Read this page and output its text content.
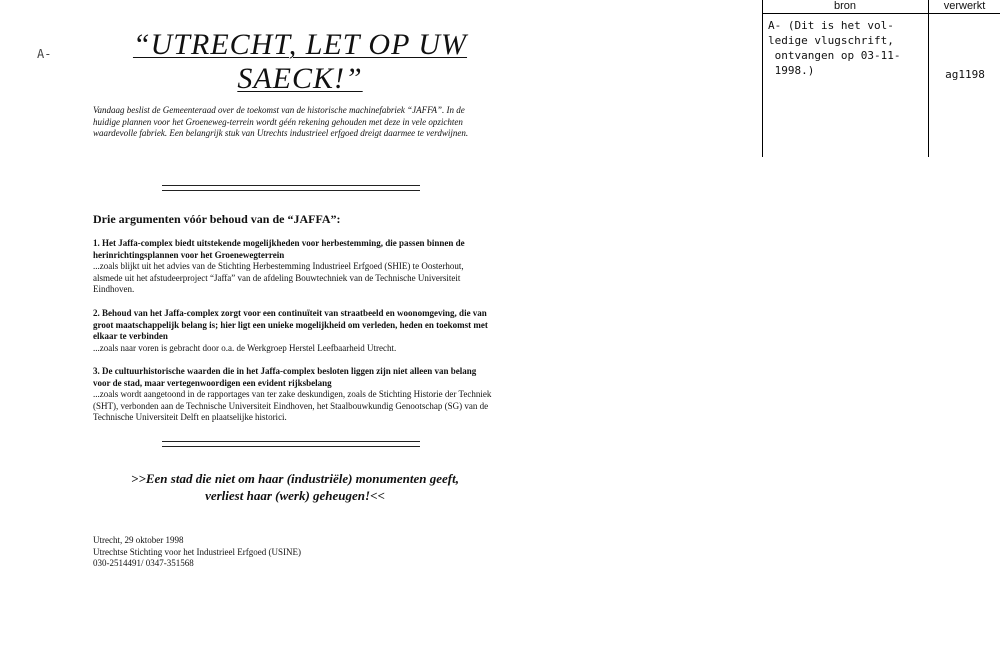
A-	“UTRECHT, LET OP UW SAECK!”

Vandaag beslist de Gemeenteraad over de toekomst van de historische machinefabriek “JAFFA”. In de huidige plannen voor het Groeneweg-terrein wordt géén rekening gehouden met deze in vele opzichten waardevolle fabriek. Een belangrijk stuk van Utrechts industrieel erfgoed dreigt daarmee te verdwijnen.

Drie argumenten vóór behoud van de “JAFFA”:

1. Het Jaffa-complex biedt uitstekende mogelijkheden voor herbestemming, die passen binnen de herinrichtingsplannen voor het Groenewegterrein
...zoals blijkt uit het advies van de Stichting Herbestemming Industrieel Erfgoed (SHIE) te Oosterhout, alsmede uit het afstudeerproject “Jaffa” van de afdeling Bouwtechniek van de Technische Universiteit Eindhoven.
2. Behoud van het Jaffa-complex zorgt voor een continuïteit van straatbeeld en woonomgeving, die van groot maatschappelijk belang is; hier ligt een unieke mogelijkheid om verleden, heden en toekomst met elkaar te verbinden
...zoals naar voren is gebracht door o.a. de Werkgroep Herstel Leefbaarheid Utrecht.
3. De cultuurhistorische waarden die in het Jaffa-complex besloten liggen zijn niet alleen van belang voor de stad, maar vertegenwoordigen een evident rijksbelang
...zoals wordt aangetoond in de rapportages van ter zake deskundigen, zoals de Stichting Historie der Techniek (SHT), verbonden aan de Technische Universiteit Eindhoven, het Staalbouwkundig Genootschap (SG) van de Technische Universiteit Delft en plaatselijke historici.
>>Een stad die niet om haar (industriële) monumenten geeft,
verliest haar (werk) geheugen!<<
Utrecht, 29 oktober 1998
Utrechtse Stichting voor het Industrieel Erfgoed (USINE)
030-2514491/ 0347-351568
bron	verwerkt

A- (Dit is het vol-
ledige vlugschrift,
ontvangen op 03-11-
1998.)	ag1198
